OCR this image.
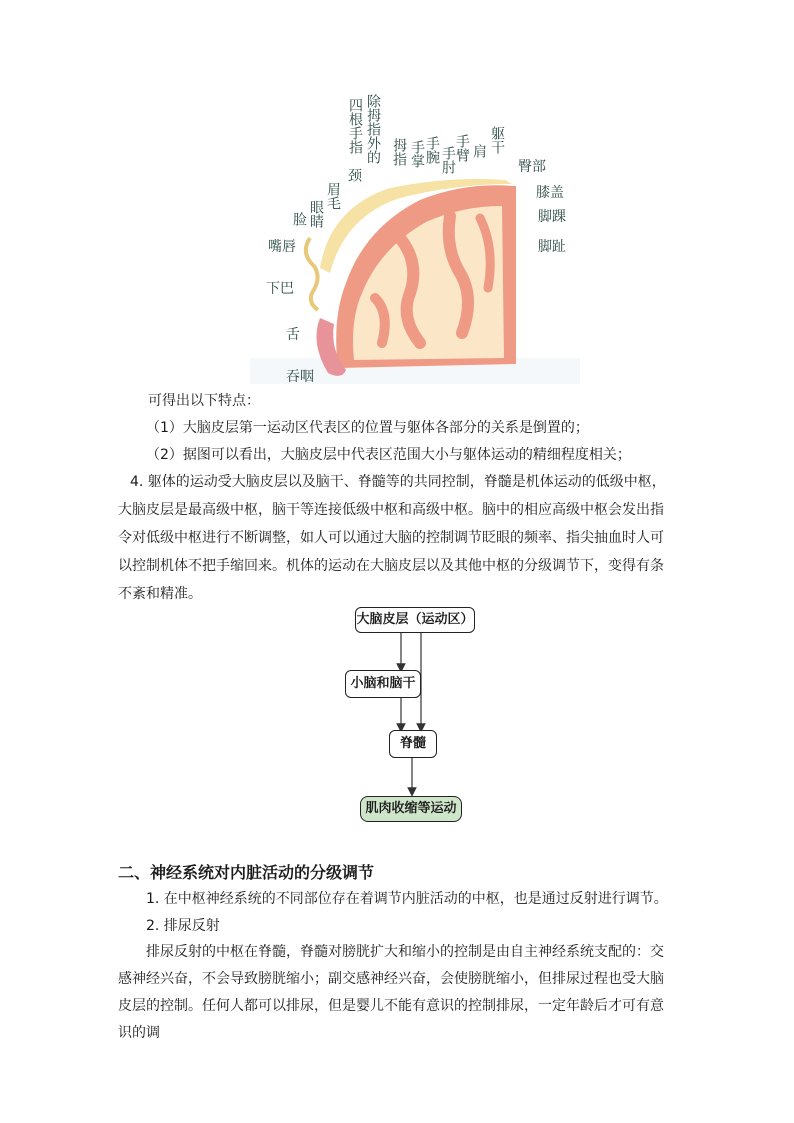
躯干
肩
手臂
手肘
手腕
手掌
拇指
除拇指外的
四根手指
颈
眉毛
眼睛
脸
臀部
膝盖
脚踝
脚趾
嘴唇
下巴
舌
吞咽
可得出以下特点：
（1）大脑皮层第一运动区代表区的位置与躯体各部分的关系是倒置的；
（2）据图可以看出，大脑皮层中代表区范围大小与躯体运动的精细程度相关；
4. 躯体的运动受大脑皮层以及脑干、脊髓等的共同控制，脊髓是机体运动的低级中枢，大脑皮层是最高级中枢，脑干等连接低级中枢和高级中枢。脑中的相应高级中枢会发出指令对低级中枢进行不断调整，如人可以通过大脑的控制调节眨眼的频率、指尖抽血时人可以控制机体不把手缩回来。机体的运动在大脑皮层以及其他中枢的分级调节下，变得有条不紊和精准。
大脑皮层（运动区）
小脑和脑干
脊髓
肌肉收缩等运动
二、神经系统对内脏活动的分级调节
1. 在中枢神经系统的不同部位存在着调节内脏活动的中枢，也是通过反射进行调节。
2. 排尿反射
排尿反射的中枢在脊髓，脊髓对膀胱扩大和缩小的控制是由自主神经系统支配的：交感神经兴奋，不会导致膀胱缩小；副交感神经兴奋，会使膀胱缩小，但排尿过程也受大脑皮层的控制。任何人都可以排尿，但是婴儿不能有意识的控制排尿，一定年龄后才可有意识的调
